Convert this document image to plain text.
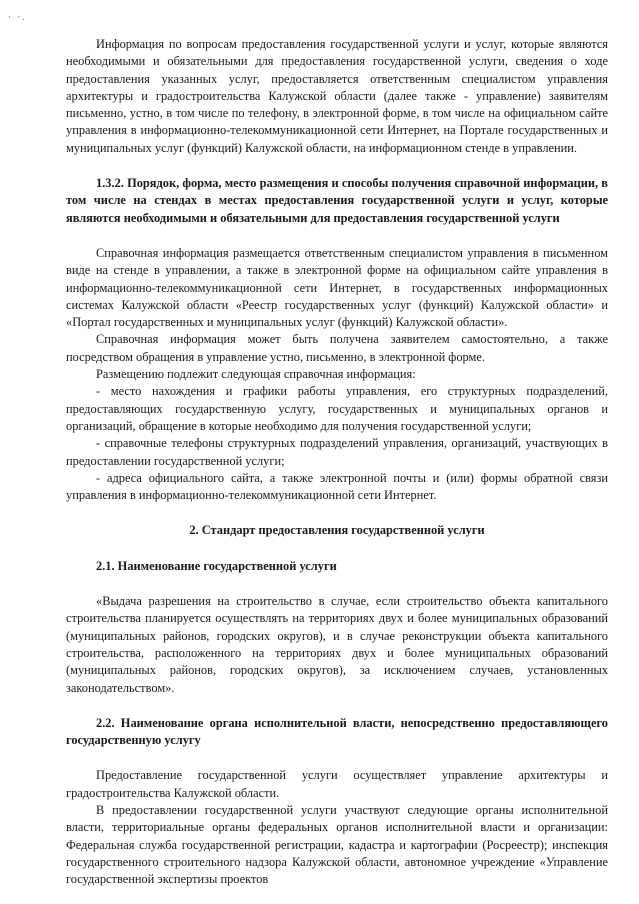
· ·.

Информация по вопросам предоставления государственной услуги и услуг, которые являются необходимыми и обязательными для предоставления государственной услуги, сведения о ходе предоставления указанных услуг, предоставляется ответственным специалистом управления архитектуры и градостроительства Калужской области (далее также - управление) заявителям письменно, устно, в том числе по телефону, в электронной форме, в том числе на официальном сайте управления в информационно-телекоммуникационной сети Интернет, на Портале государственных и муниципальных услуг (функций) Калужской области, на информационном стенде в управлении.

1.3.2. Порядок, форма, место размещения и способы получения справочной информации, в том числе на стендах в местах предоставления государственной услуги и услуг, которые являются необходимыми и обязательными для предоставления государственной услуги

Справочная информация размещается ответственным специалистом управления в письменном виде на стенде в управлении, а также в электронной форме на официальном сайте управления в информационно-телекоммуникационной сети Интернет, в государственных информационных системах Калужской области «Реестр государственных услуг (функций) Калужской области» и «Портал государственных и муниципальных услуг (функций) Калужской области».

Справочная информация может быть получена заявителем самостоятельно, а также посредством обращения в управление устно, письменно, в электронной форме.

Размещению подлежит следующая справочная информация:

- место нахождения и графики работы управления, его структурных подразделений, предоставляющих государственную услугу, государственных и муниципальных органов и организаций, обращение в которые необходимо для получения государственной услуги;

- справочные телефоны структурных подразделений управления, организаций, участвующих в предоставлении государственной услуги;

- адреса официального сайта, а также электронной почты и (или) формы обратной связи управления в информационно-телекоммуникационной сети Интернет.

2. Стандарт предоставления государственной услуги

2.1. Наименование государственной услуги

«Выдача разрешения на строительство в случае, если строительство объекта капитального строительства планируется осуществлять на территориях двух и более муниципальных образований (муниципальных районов, городских округов), и в случае реконструкции объекта капитального строительства, расположенного на территориях двух и более муниципальных образований (муниципальных районов, городских округов), за исключением случаев, установленных законодательством».

2.2. Наименование органа исполнительной власти, непосредственно предоставляющего государственную услугу

Предоставление государственной услуги осуществляет управление архитектуры и градостроительства Калужской области.

В предоставлении государственной услуги участвуют следующие органы исполнительной власти, территориальные органы федеральных органов исполнительной власти и организации: Федеральная служба государственной регистрации, кадастра и картографии (Росреестр); инспекция государственного строительного надзора Калужской области, автономное учреждение «Управление государственной экспертизы проектов
